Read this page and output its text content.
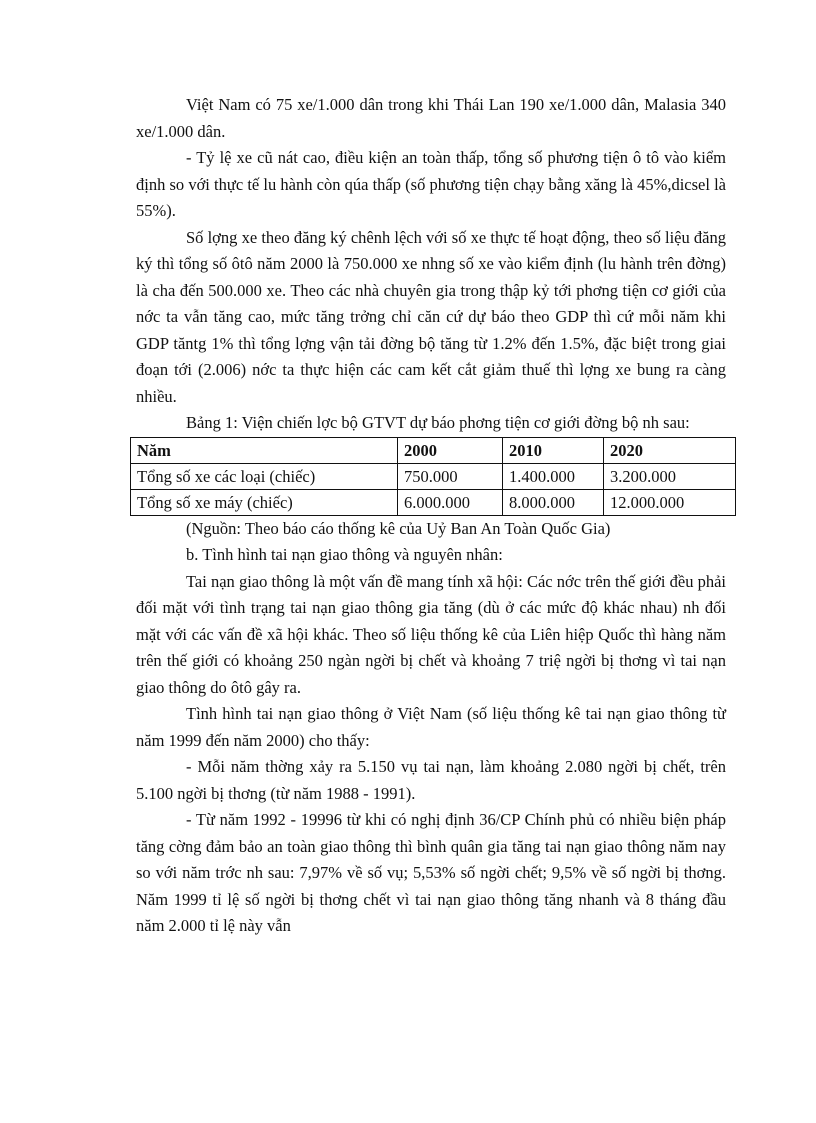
Việt Nam có 75 xe/1.000 dân trong khi Thái Lan 190 xe/1.000 dân, Malasia 340 xe/1.000 dân.

- Tỷ lệ xe cũ nát cao, điều kiện an toàn thấp, tổng số phương tiện ô tô vào kiểm định so với thực tế lu hành còn qúa thấp (số phương tiện chạy bằng xăng là 45%,dicsel là 55%).

Số lợng xe theo đăng ký chênh lệch với số xe thực tế hoạt động, theo số liệu đăng ký thì tổng số ôtô năm 2000 là 750.000 xe nhng số xe vào kiểm định (lu hành trên đờng) là cha đến 500.000 xe. Theo các nhà chuyên gia trong thập kỷ tới phơng tiện cơ giới của nớc ta vẫn tăng cao, mức tăng trởng chỉ căn cứ dự báo theo GDP thì cứ mỗi năm khi GDP tăntg 1% thì tổng lợng vận tải đờng bộ tăng từ 1.2% đến 1.5%, đặc biệt trong giai đoạn tới (2.006) nớc ta thực hiện các cam kết cắt giảm thuế thì lợng xe bung ra càng nhiều.

Bảng 1: Viện chiến lợc bộ GTVT dự báo phơng tiện cơ giới đờng bộ nh sau:

Năm	2000	2010	2020
Tổng số xe các loại (chiếc)	750.000	1.400.000	3.200.000
Tổng số xe máy (chiếc)	6.000.000	8.000.000	12.000.000

(Nguồn: Theo báo cáo thống kê của Uỷ Ban An Toàn Quốc Gia)

b. Tình hình tai nạn giao thông và nguyên nhân:

Tai nạn giao thông là một vấn đề mang tính xã hội: Các nớc trên thế giới đều phải đối mặt với tình trạng tai nạn giao thông gia tăng (dù ở các mức độ khác nhau) nh đối mặt với các vấn đề xã hội khác. Theo số liệu thống kê của Liên hiệp Quốc thì hàng năm trên thế giới có khoảng 250 ngàn ngời bị chết và khoảng 7 triệ ngời bị thơng vì tai nạn giao thông do ôtô gây ra.

Tình hình tai nạn giao thông ở Việt Nam (số liệu thống kê tai nạn giao thông từ năm 1999 đến năm 2000) cho thấy:

- Mỗi năm thờng xảy ra 5.150 vụ tai nạn, làm khoảng 2.080 ngời bị chết, trên 5.100 ngời bị thơng (từ năm 1988 - 1991).

- Từ năm 1992 - 19996 từ khi có nghị định 36/CP Chính phủ có nhiều biện pháp tăng cờng đảm bảo an toàn giao thông thì bình quân gia tăng tai nạn giao thông năm nay so với năm trớc nh sau: 7,97% về số vụ; 5,53% số ngời chết; 9,5% về số ngời bị thơng. Năm 1999 tỉ lệ số ngời bị thơng chết vì tai nạn giao thông tăng nhanh và 8 tháng đầu năm 2.000 tỉ lệ này vẫn
